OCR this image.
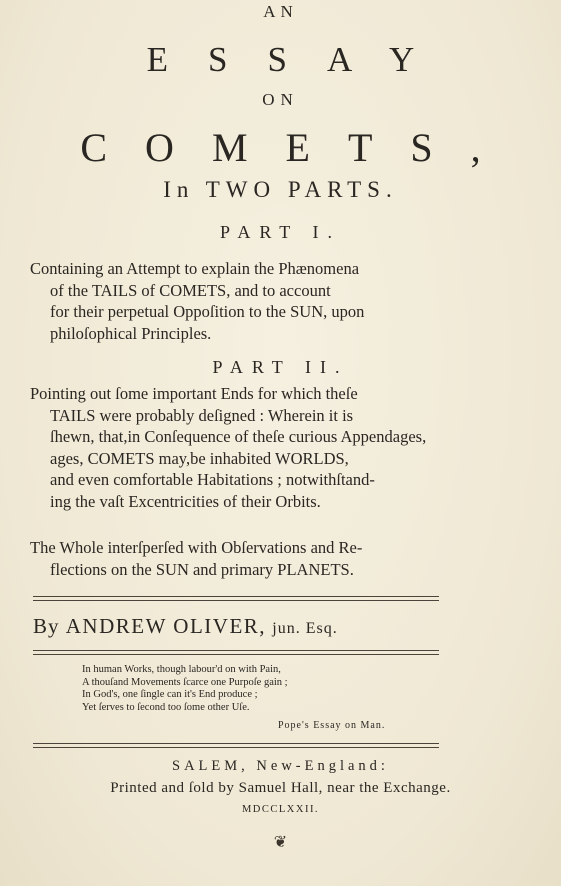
AN

ESSAY

ON

COMETS,

In TWO PARTS.

PART I.

Containing an Attempt to explain the Phænomena
of the TAILS of COMETS, and to account
for their perpetual Oppoſition to the SUN, upon
philoſophical Principles.

PART II.

Pointing out ſome important Ends for which theſe
TAILS were probably deſigned : Wherein it is
ſhewn, that,in Conſequence of theſe curious Appendages,
ages, COMETS may,be inhabited WORLDS,
and even comfortable Habitations ; notwithſtand-
ing the vaſt Excentricities of their Orbits.
The Whole interſperſed with Obſervations and Re-
flections on the SUN and primary PLANETS.
By ANDREW OLIVER, jun. Esq.
In human Works, though labour'd on with Pain,
A thouſand Movements ſcarce one Purpoſe gain ;
In God's, one ſingle can it's End produce ;
Yet ſerves to ſecond too ſome other Uſe.
Pope's Essay on Man.

SALEM, New-England:

Printed and ſold by Samuel Hall, near the Exchange.

MDCCLXXII.

❦
